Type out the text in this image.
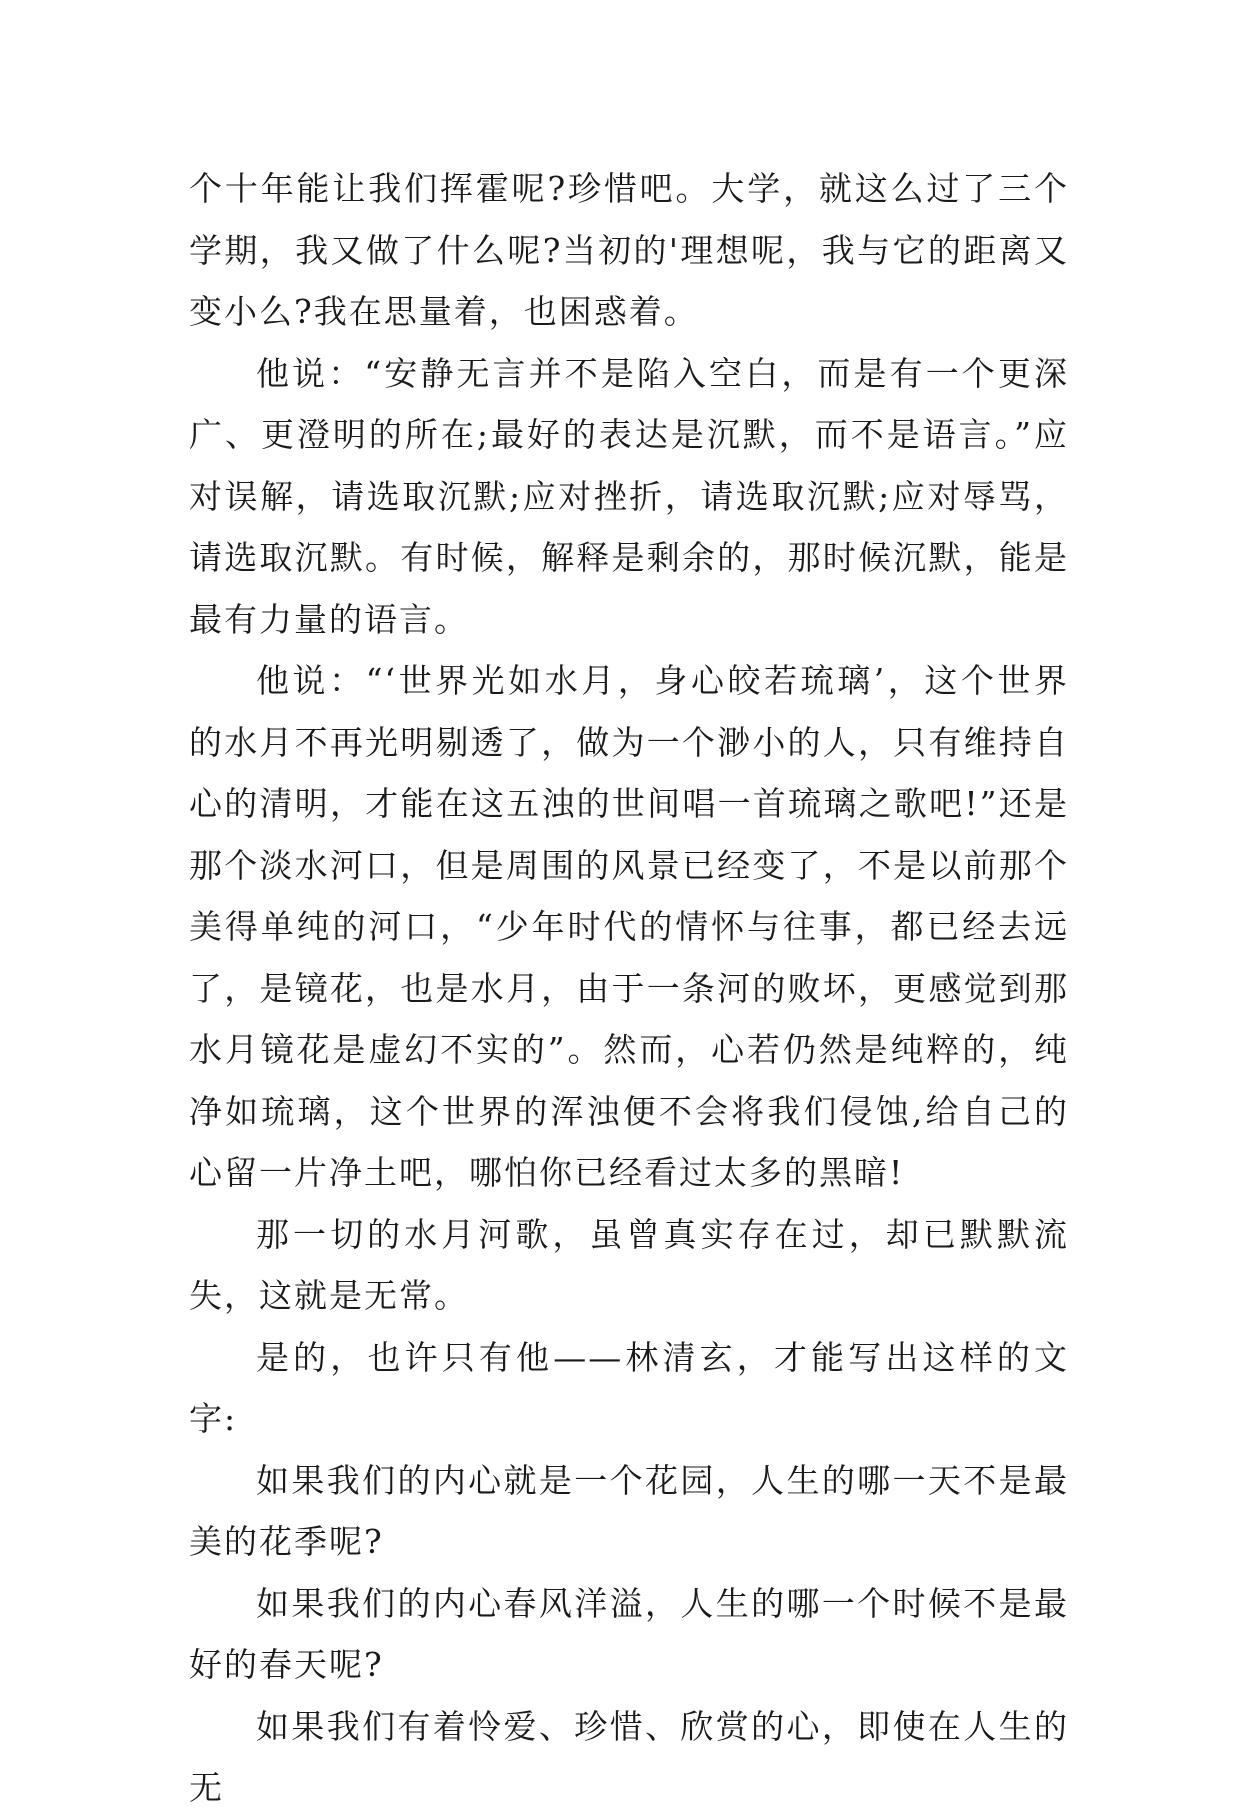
个十年能让我们挥霍呢?珍惜吧。大学，就这么过了三个学期，我又做了什么呢?当初的'理想呢，我与它的距离又变小么?我在思量着，也困惑着。

他说：“安静无言并不是陷入空白，而是有一个更深广、更澄明的所在;最好的表达是沉默，而不是语言。”应对误解，请选取沉默;应对挫折，请选取沉默;应对辱骂，请选取沉默。有时候，解释是剩余的，那时候沉默，能是最有力量的语言。

他说：“‘世界光如水月，身心皎若琉璃’，这个世界的水月不再光明剔透了，做为一个渺小的人，只有维持自心的清明，才能在这五浊的世间唱一首琉璃之歌吧!”还是那个淡水河口，但是周围的风景已经变了，不是以前那个美得单纯的河口，“少年时代的情怀与往事，都已经去远了，是镜花，也是水月，由于一条河的败坏，更感觉到那水月镜花是虚幻不实的”。然而，心若仍然是纯粹的，纯净如琉璃，这个世界的浑浊便不会将我们侵蚀,给自己的心留一片净土吧，哪怕你已经看过太多的黑暗!

那一切的水月河歌，虽曾真实存在过，却已默默流失，这就是无常。

是的，也许只有他——林清玄，才能写出这样的文字:

如果我们的内心就是一个花园，人生的哪一天不是最美的花季呢?

如果我们的内心春风洋溢，人生的哪一个时候不是最好的春天呢?

如果我们有着怜爱、珍惜、欣赏的心，即使在人生的无
